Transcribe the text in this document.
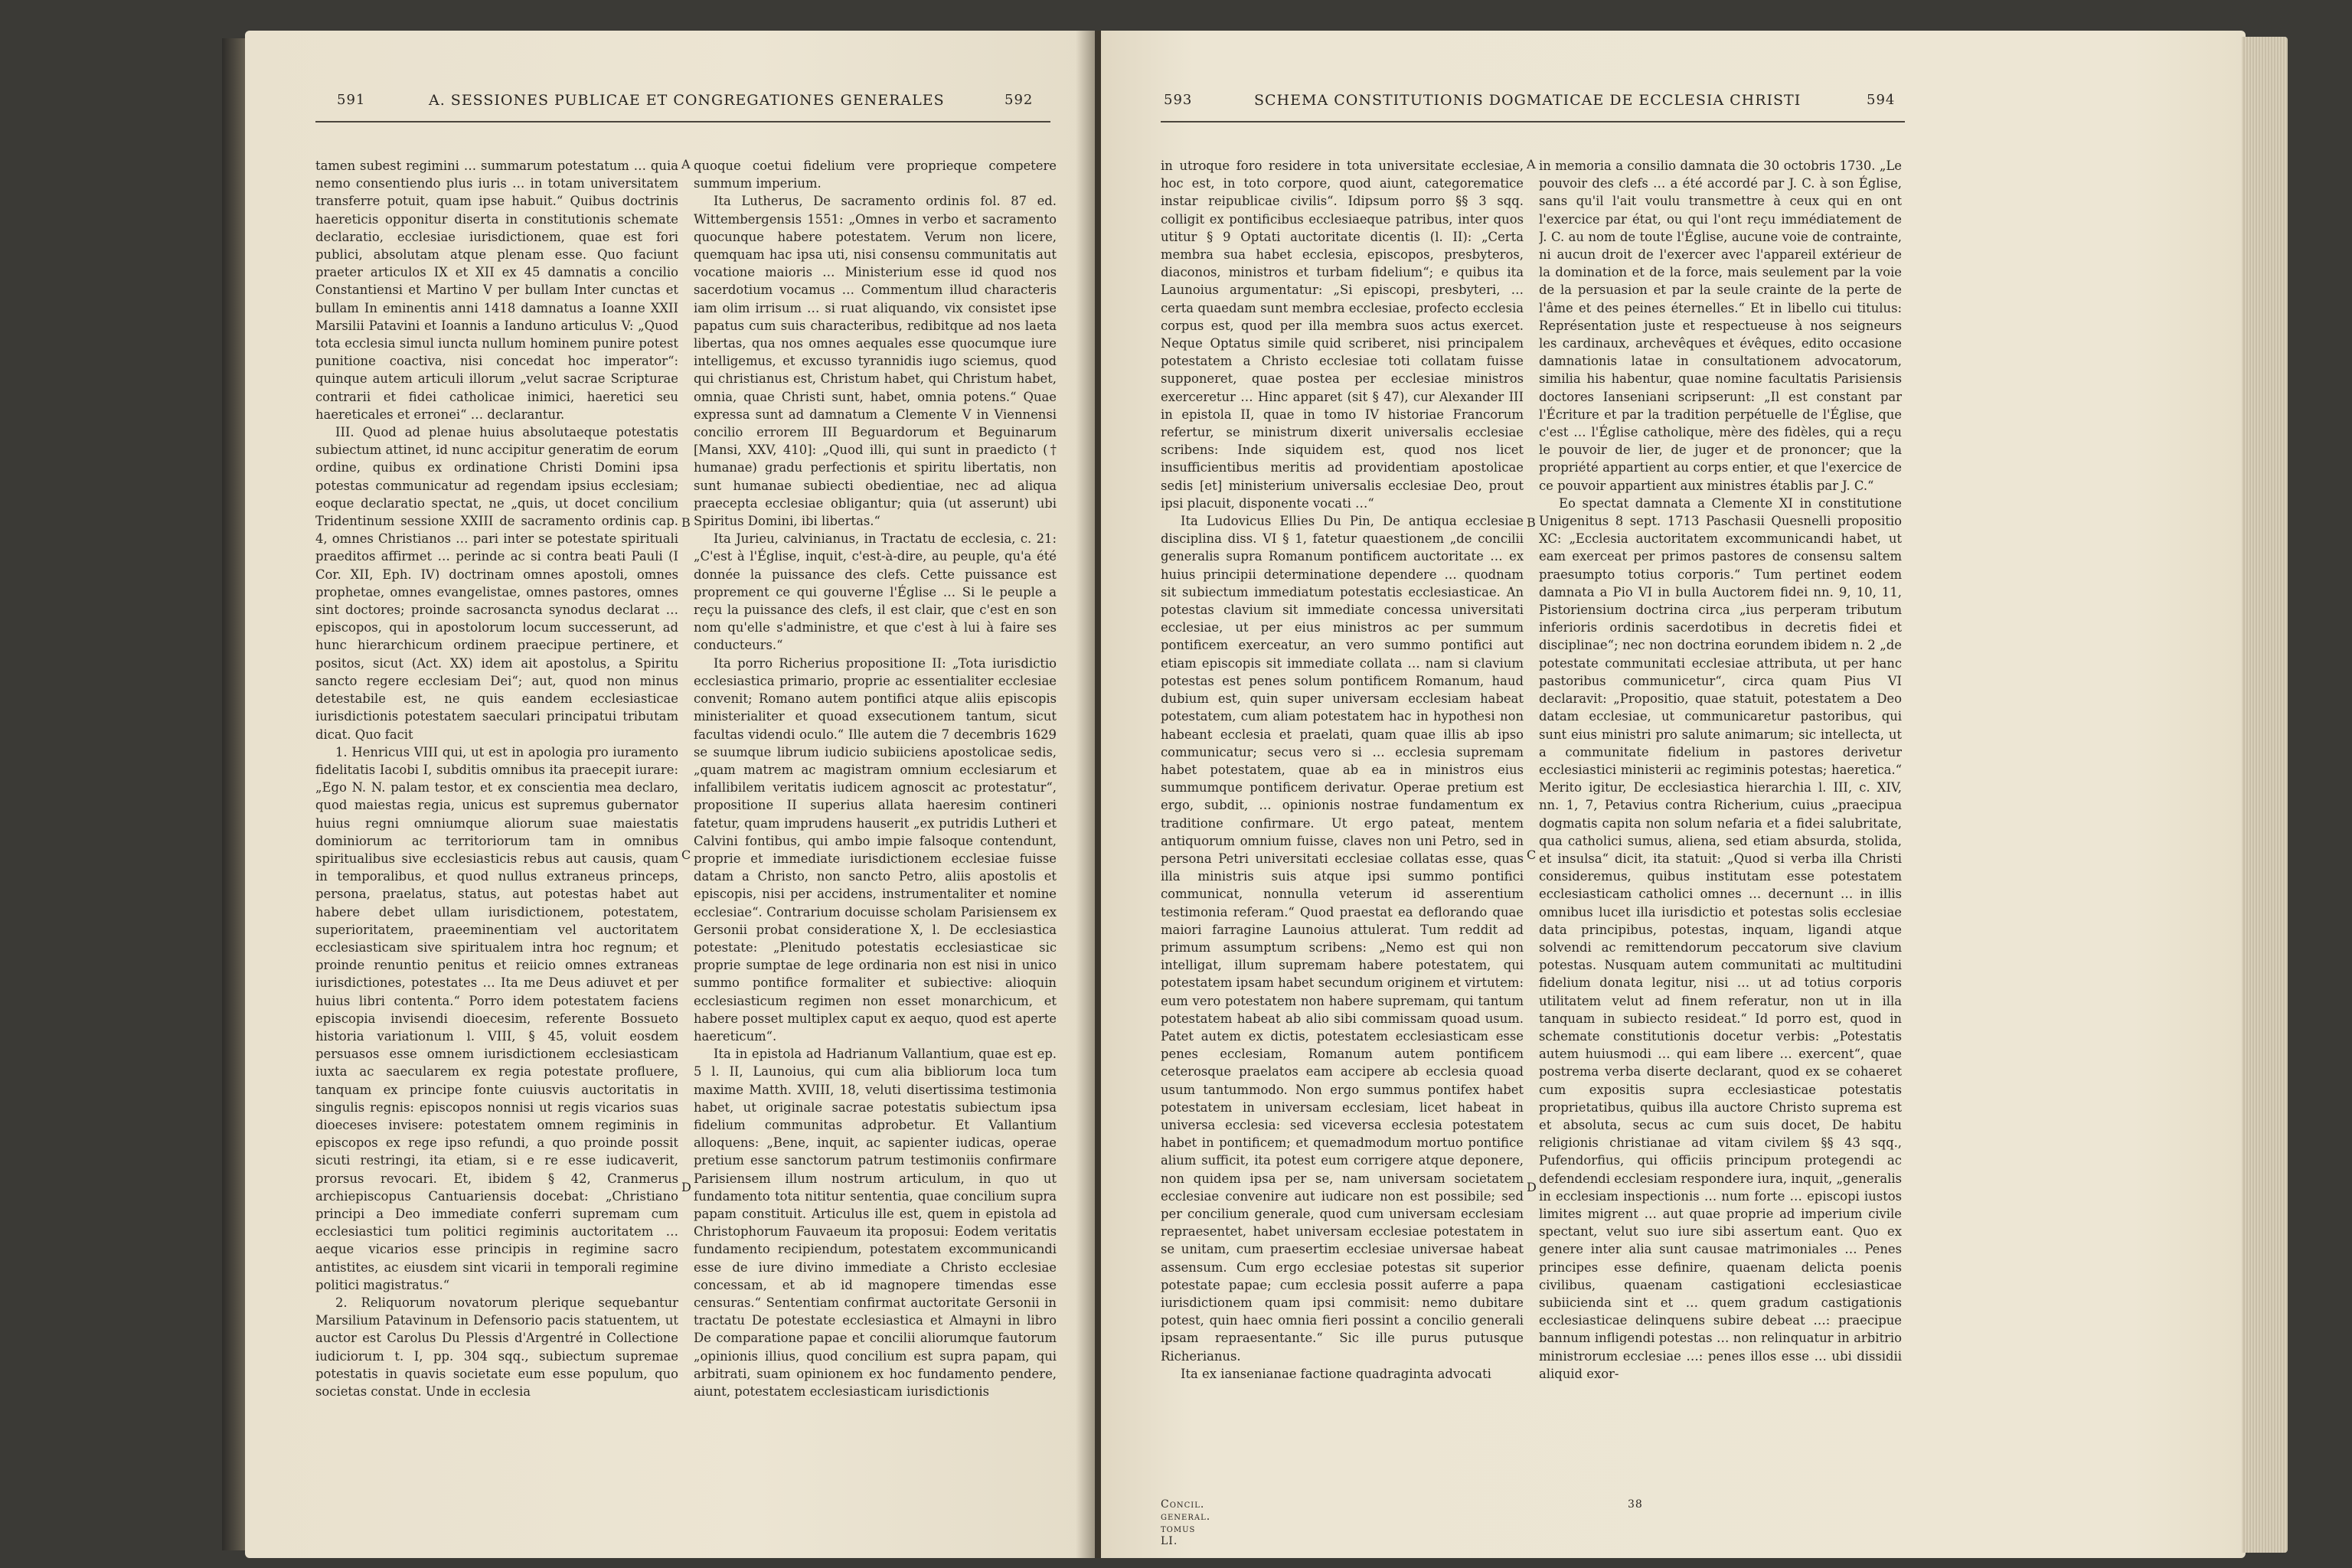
591	A. SESSIONES PUBLICAE ET CONGREGATIONES GENERALES	592

tamen subest regimini … summarum potestatum … quia nemo consentiendo plus iuris … in totam universitatem transferre potuit, quam ipse habuit.“ Quibus doctrinis haereticis opponitur diserta in constitutionis schemate declaratio, ecclesiae iurisdictionem, quae est fori publici, absolutam atque plenam esse. Quo faciunt praeter articulos IX et XII ex 45 damnatis a concilio Constantiensi et Martino V per bullam Inter cunctas et bullam In eminentis anni 1418 damnatus a Ioanne XXII Marsilii Patavini et Ioannis a Ianduno articulus V: „Quod tota ecclesia simul iuncta nullum hominem punire potest punitione coactiva, nisi concedat hoc imperator“: quinque autem articuli illorum „velut sacrae Scripturae contrarii et fidei catholicae inimici, haeretici seu haereticales et erronei“ … declarantur.

III. Quod ad plenae huius absolutaeque potestatis subiectum attinet, id nunc accipitur generatim de eorum ordine, quibus ex ordinatione Christi Domini ipsa potestas communicatur ad regendam ipsius ecclesiam; eoque declaratio spectat, ne „quis, ut docet concilium Tridentinum sessione XXIII de sacramento ordinis cap. 4, omnes Christianos … pari inter se potestate spirituali praeditos affirmet … perinde ac si contra beati Pauli (I Cor. XII, Eph. IV) doctrinam omnes apostoli, omnes prophetae, omnes evangelistae, omnes pastores, omnes sint doctores; proinde sacrosancta synodus declarat … episcopos, qui in apostolorum locum successerunt, ad hunc hierarchicum ordinem praecipue pertinere, et positos, sicut (Act. XX) idem ait apostolus, a Spiritu sancto regere ecclesiam Dei“; aut, quod non minus detestabile est, ne quis eandem ecclesiasticae iurisdictionis potestatem saeculari principatui tributam dicat. Quo facit

1. Henricus VIII qui, ut est in apologia pro iuramento fidelitatis Iacobi I, subditis omnibus ita praecepit iurare: „Ego N. N. palam testor, et ex conscientia mea declaro, quod maiestas regia, unicus est supremus gubernator huius regni omniumque aliorum suae maiestatis dominiorum ac territoriorum tam in omnibus spiritualibus sive ecclesiasticis rebus aut causis, quam in temporalibus, et quod nullus extraneus princeps, persona, praelatus, status, aut potestas habet aut habere debet ullam iurisdictionem, potestatem, superioritatem, praeeminentiam vel auctoritatem ecclesiasticam sive spiritualem intra hoc regnum; et proinde renuntio penitus et reiicio omnes extraneas iurisdictiones, potestates … Ita me Deus adiuvet et per huius libri contenta.“ Porro idem potestatem faciens episcopia invisendi dioecesim, referente Bossueto historia variationum l. VIII, § 45, voluit eosdem persuasos esse omnem iurisdictionem ecclesiasticam iuxta ac saecularem ex regia potestate profluere, tanquam ex principe fonte cuiusvis auctoritatis in singulis regnis: episcopos nonnisi ut regis vicarios suas dioeceses invisere: potestatem omnem regiminis in episcopos ex rege ipso refundi, a quo proinde possit sicuti restringi, ita etiam, si e re esse iudicaverit, prorsus revocari. Et, ibidem § 42, Cranmerus archiepiscopus Cantuariensis docebat: „Christiano principi a Deo immediate conferri supremam cum ecclesiastici tum politici regiminis auctoritatem … aeque vicarios esse principis in regimine sacro antistites, ac eiusdem sint vicarii in temporali regimine politici magistratus.“

2. Reliquorum novatorum plerique sequebantur Marsilium Patavinum in Defensorio pacis statuentem, ut auctor est Carolus Du Plessis d'Argentré in Collectione iudiciorum t. I, pp. 304 sqq., subiectum supremae potestatis in quavis societate eum esse populum, quo societas constat. Unde in ecclesia

A
B
C
D

quoque coetui fidelium vere proprieque competere summum imperium.

Ita Lutherus, De sacramento ordinis fol. 87 ed. Wittembergensis 1551: „Omnes in verbo et sacramento quocunque habere potestatem. Verum non licere, quemquam hac ipsa uti, nisi consensu communitatis aut vocatione maioris … Ministerium esse id quod nos sacerdotium vocamus … Commentum illud characteris iam olim irrisum … si ruat aliquando, vix consistet ipse papatus cum suis characteribus, redibitque ad nos laeta libertas, qua nos omnes aequales esse quocumque iure intelligemus, et excusso tyrannidis iugo sciemus, quod qui christianus est, Christum habet, qui Christum habet, omnia, quae Christi sunt, habet, omnia potens.“ Quae expressa sunt ad damnatum a Clemente V in Viennensi concilio errorem III Beguardorum et Beguinarum [Mansi, XXV, 410]: „Quod illi, qui sunt in praedicto († humanae) gradu perfectionis et spiritu libertatis, non sunt humanae subiecti obedientiae, nec ad aliqua praecepta ecclesiae obligantur; quia (ut asserunt) ubi Spiritus Domini, ibi libertas.“

Ita Jurieu, calvinianus, in Tractatu de ecclesia, c. 21: „C'est à l'Église, inquit, c'est-à-dire, au peuple, qu'a été donnée la puissance des clefs. Cette puissance est proprement ce qui gouverne l'Église … Si le peuple a reçu la puissance des clefs, il est clair, que c'est en son nom qu'elle s'administre, et que c'est à lui à faire ses conducteurs.“

Ita porro Richerius propositione II: „Tota iurisdictio ecclesiastica primario, proprie ac essentialiter ecclesiae convenit; Romano autem pontifici atque aliis episcopis ministerialiter et quoad exsecutionem tantum, sicut facultas videndi oculo.“ Ille autem die 7 decembris 1629 se suumque librum iudicio subiiciens apostolicae sedis, „quam matrem ac magistram omnium ecclesiarum et infallibilem veritatis iudicem agnoscit ac protestatur“, propositione II superius allata haeresim contineri fatetur, quam imprudens hauserit „ex putridis Lutheri et Calvini fontibus, qui ambo impie falsoque contendunt, proprie et immediate iurisdictionem ecclesiae fuisse datam a Christo, non sancto Petro, aliis apostolis et episcopis, nisi per accidens, instrumentaliter et nomine ecclesiae“. Contrarium docuisse scholam Parisiensem ex Gersonii probat consideratione X, l. De ecclesiastica potestate: „Plenitudo potestatis ecclesiasticae sic proprie sumptae de lege ordinaria non est nisi in unico summo pontifice formaliter et subiective: alioquin ecclesiasticum regimen non esset monarchicum, et habere posset multiplex caput ex aequo, quod est aperte haereticum“.

Ita in epistola ad Hadrianum Vallantium, quae est ep. 5 l. II, Launoius, qui cum alia bibliorum loca tum maxime Matth. XVIII, 18, veluti disertissima testimonia habet, ut originale sacrae potestatis subiectum ipsa fidelium communitas adprobetur. Et Vallantium alloquens: „Bene, inquit, ac sapienter iudicas, operae pretium esse sanctorum patrum testimoniis confirmare Parisiensem illum nostrum articulum, in quo ut fundamento tota nititur sententia, quae concilium supra papam constituit. Articulus ille est, quem in epistola ad Christophorum Fauvaeum ita proposui: Eodem veritatis fundamento recipiendum, potestatem excommunicandi esse de iure divino immediate a Christo ecclesiae concessam, et ab id magnopere timendas esse censuras.“ Sententiam confirmat auctoritate Gersonii in tractatu De potestate ecclesiastica et Almayni in libro De comparatione papae et concilii aliorumque fautorum „opinionis illius, quod concilium est supra papam, qui arbitrati, suam opinionem ex hoc fundamento pendere, aiunt, potestatem ecclesiasticam iurisdictionis

593	SCHEMA CONSTITUTIONIS DOGMATICAE DE ECCLESIA CHRISTI	594

in utroque foro residere in tota universitate ecclesiae, hoc est, in toto corpore, quod aiunt, categorematice instar reipublicae civilis“. Idipsum porro §§ 3 sqq. colligit ex pontificibus ecclesiaeque patribus, inter quos utitur § 9 Optati auctoritate dicentis (l. II): „Certa membra sua habet ecclesia, episcopos, presbyteros, diaconos, ministros et turbam fidelium“; e quibus ita Launoius argumentatur: „Si episcopi, presbyteri, … certa quaedam sunt membra ecclesiae, profecto ecclesia corpus est, quod per illa membra suos actus exercet. Neque Optatus simile quid scriberet, nisi principalem potestatem a Christo ecclesiae toti collatam fuisse supponeret, quae postea per ecclesiae ministros exerceretur … Hinc apparet (sit § 47), cur Alexander III in epistola II, quae in tomo IV historiae Francorum refertur, se ministrum dixerit universalis ecclesiae scribens: Inde siquidem est, quod nos licet insufficientibus meritis ad providentiam apostolicae sedis [et] ministerium universalis ecclesiae Deo, prout ipsi placuit, disponente vocati …“

Ita Ludovicus Ellies Du Pin, De antiqua ecclesiae disciplina diss. VI § 1, fatetur quaestionem „de concilii generalis supra Romanum pontificem auctoritate … ex huius principii determinatione dependere … quodnam sit subiectum immediatum potestatis ecclesiasticae. An potestas clavium sit immediate concessa universitati ecclesiae, ut per eius ministros ac per summum pontificem exerceatur, an vero summo pontifici aut etiam episcopis sit immediate collata … nam si clavium potestas est penes solum pontificem Romanum, haud dubium est, quin super universam ecclesiam habeat potestatem, cum aliam potestatem hac in hypothesi non habeant ecclesia et praelati, quam quae illis ab ipso communicatur; secus vero si … ecclesia supremam habet potestatem, quae ab ea in ministros eius summumque pontificem derivatur. Operae pretium est ergo, subdit, … opinionis nostrae fundamentum ex traditione confirmare. Ut ergo pateat, mentem antiquorum omnium fuisse, claves non uni Petro, sed in persona Petri universitati ecclesiae collatas esse, quas illa ministris suis atque ipsi summo pontifici communicat, nonnulla veterum id asserentium testimonia referam.“ Quod praestat ea deflorando quae maiori farragine Launoius attulerat. Tum reddit ad primum assumptum scribens: „Nemo est qui non intelligat, illum supremam habere potestatem, qui potestatem ipsam habet secundum originem et virtutem: eum vero potestatem non habere supremam, qui tantum potestatem habeat ab alio sibi commissam quoad usum. Patet autem ex dictis, potestatem ecclesiasticam esse penes ecclesiam, Romanum autem pontificem ceterosque praelatos eam accipere ab ecclesia quoad usum tantummodo. Non ergo summus pontifex habet potestatem in universam ecclesiam, licet habeat in universa ecclesia: sed viceversa ecclesia potestatem habet in pontificem; et quemadmodum mortuo pontifice alium sufficit, ita potest eum corrigere atque deponere, non quidem ipsa per se, nam universam societatem ecclesiae convenire aut iudicare non est possibile; sed per concilium generale, quod cum universam ecclesiam repraesentet, habet universam ecclesiae potestatem in se unitam, cum praesertim ecclesiae universae habeat assensum. Cum ergo ecclesiae potestas sit superior potestate papae; cum ecclesia possit auferre a papa iurisdictionem quam ipsi commisit: nemo dubitare potest, quin haec omnia fieri possint a concilio generali ipsam repraesentante.“ Sic ille purus putusque Richerianus.

Ita ex iansenianae factione quadraginta advocati

A
B
C
D

in memoria a consilio damnata die 30 octobris 1730. „Le pouvoir des clefs … a été accordé par J. C. à son Église, sans qu'il l'ait voulu transmettre à ceux qui en ont l'exercice par état, ou qui l'ont reçu immédiatement de J. C. au nom de toute l'Église, aucune voie de contrainte, ni aucun droit de l'exercer avec l'appareil extérieur de la domination et de la force, mais seulement par la voie de la persuasion et par la seule crainte de la perte de l'âme et des peines éternelles.“ Et in libello cui titulus: Représentation juste et respectueuse à nos seigneurs les cardinaux, archevêques et évêques, edito occasione damnationis latae in consultationem advocatorum, similia his habentur, quae nomine facultatis Parisiensis doctores Ianseniani scripserunt: „Il est constant par l'Écriture et par la tradition perpétuelle de l'Église, que c'est … l'Église catholique, mère des fidèles, qui a reçu le pouvoir de lier, de juger et de prononcer; que la propriété appartient au corps entier, et que l'exercice de ce pouvoir appartient aux ministres établis par J. C.“

Eo spectat damnata a Clemente XI in constitutione Unigenitus 8 sept. 1713 Paschasii Quesnelli propositio XC: „Ecclesia auctoritatem excommunicandi habet, ut eam exerceat per primos pastores de consensu saltem praesumpto totius corporis.“ Tum pertinet eodem damnata a Pio VI in bulla Auctorem fidei nn. 9, 10, 11, Pistoriensium doctrina circa „ius perperam tributum inferioris ordinis sacerdotibus in decretis fidei et disciplinae“; nec non doctrina eorundem ibidem n. 2 „de potestate communitati ecclesiae attributa, ut per hanc pastoribus communicetur“, circa quam Pius VI declaravit: „Propositio, quae statuit, potestatem a Deo datam ecclesiae, ut communicaretur pastoribus, qui sunt eius ministri pro salute animarum; sic intellecta, ut a communitate fidelium in pastores derivetur ecclesiastici ministerii ac regiminis potestas; haeretica.“ Merito igitur, De ecclesiastica hierarchia l. III, c. XIV, nn. 1, 7, Petavius contra Richerium, cuius „praecipua dogmatis capita non solum nefaria et a fidei salubritate, qua catholici sumus, aliena, sed etiam absurda, stolida, et insulsa“ dicit, ita statuit: „Quod si verba illa Christi consideremus, quibus institutam esse potestatem ecclesiasticam catholici omnes … decernunt … in illis omnibus lucet illa iurisdictio et potestas solis ecclesiae data principibus, potestas, inquam, ligandi atque solvendi ac remittendorum peccatorum sive clavium potestas. Nusquam autem communitati ac multitudini fidelium donata legitur, nisi … ut ad totius corporis utilitatem velut ad finem referatur, non ut in illa tanquam in subiecto resideat.“ Id porro est, quod in schemate constitutionis docetur verbis: „Potestatis autem huiusmodi … qui eam libere … exercent“, quae postrema verba diserte declarant, quod ex se cohaeret cum expositis supra ecclesiasticae potestatis proprietatibus, quibus illa auctore Christo suprema est et absoluta, secus ac cum suis docet, De habitu religionis christianae ad vitam civilem §§ 43 sqq., Pufendorfius, qui officiis principum protegendi ac defendendi ecclesiam respondere iura, inquit, „generalis in ecclesiam inspectionis … num forte … episcopi iustos limites migrent … aut quae proprie ad imperium civile spectant, velut suo iure sibi assertum eant. Quo ex genere inter alia sunt causae matrimoniales … Penes principes esse definire, quaenam delicta poenis civilibus, quaenam castigationi ecclesiasticae subiicienda sint et … quem gradum castigationis ecclesiasticae delinquens subire debeat …: praecipue bannum infligendi potestas … non relinquatur in arbitrio ministrorum ecclesiae …: penes illos esse … ubi dissidii aliquid exor-

Concil. general. tomus LI.
38
